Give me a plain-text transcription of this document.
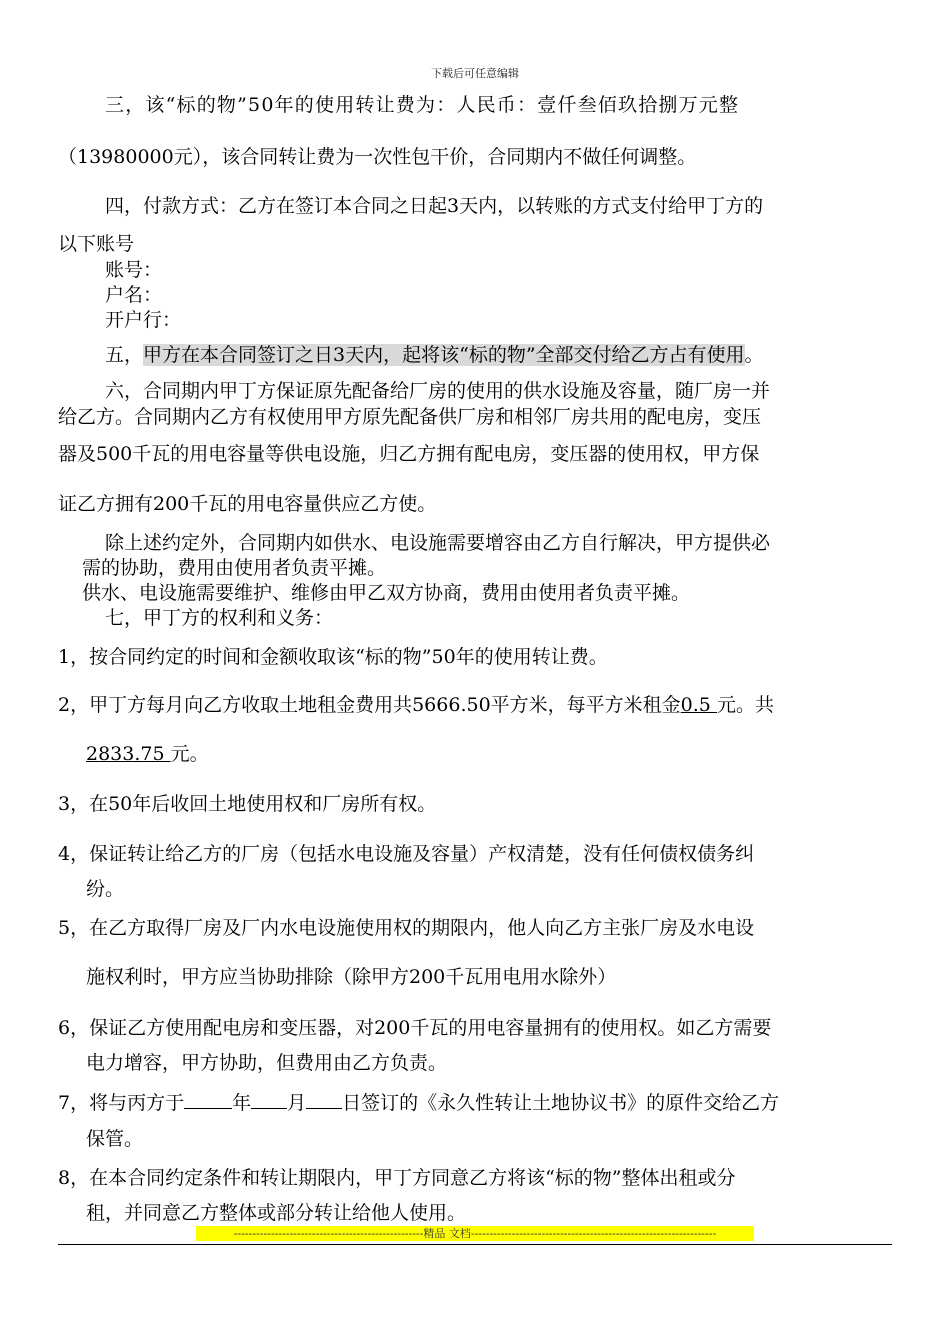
下载后可任意编辑
三，该“标的物”50年的使用转让费为：人民币：壹仟叁佰玖拾捌万元整
（13980000元），该合同转让费为一次性包干价，合同期内不做任何调整。
四，付款方式：乙方在签订本合同之日起3天内，以转账的方式支付给甲丁方的
以下账号
账号：
户名：
开户行：
五，甲方在本合同签订之日3天内，起将该“标的物”全部交付给乙方占有使用。
六，合同期内甲丁方保证原先配备给厂房的使用的供水设施及容量，随厂房一并
给乙方。合同期内乙方有权使用甲方原先配备供厂房和相邻厂房共用的配电房，变压
器及500千瓦的用电容量等供电设施，归乙方拥有配电房，变压器的使用权，甲方保
证乙方拥有200千瓦的用电容量供应乙方使。
除上述约定外，合同期内如供水、电设施需要增容由乙方自行解决，甲方提供必
需的协助，费用由使用者负责平摊。
供水、电设施需要维护、维修由甲乙双方协商，费用由使用者负责平摊。
七，甲丁方的权利和义务：
1，按合同约定的时间和金额收取该“标的物”50年的使用转让费。
2，甲丁方每月向乙方收取土地租金费用共5666.50平方米，每平方米租金0.5 元。共
2833.75 元。
3，在50年后收回土地使用权和厂房所有权。
4，保证转让给乙方的厂房（包括水电设施及容量）产权清楚，没有任何债权债务纠
纷。
5，在乙方取得厂房及厂内水电设施使用权的期限内，他人向乙方主张厂房及水电设
施权利时，甲方应当协助排除（除甲方200千瓦用电用水除外）
6，保证乙方使用配电房和变压器，对200千瓦的用电容量拥有的使用权。如乙方需要
电力增容，甲方协助，但费用由乙方负责。
7，将与丙方于	年 月 日签订的《永久性转让土地协议书》的原件交给乙方
保管。
8，在本合同约定条件和转让期限内，甲丁方同意乙方将该“标的物”整体出租或分
租，并同意乙方整体或部分转让给他人使用。
---------------------------------------------------精品 文档------------------------------------------------------------------
